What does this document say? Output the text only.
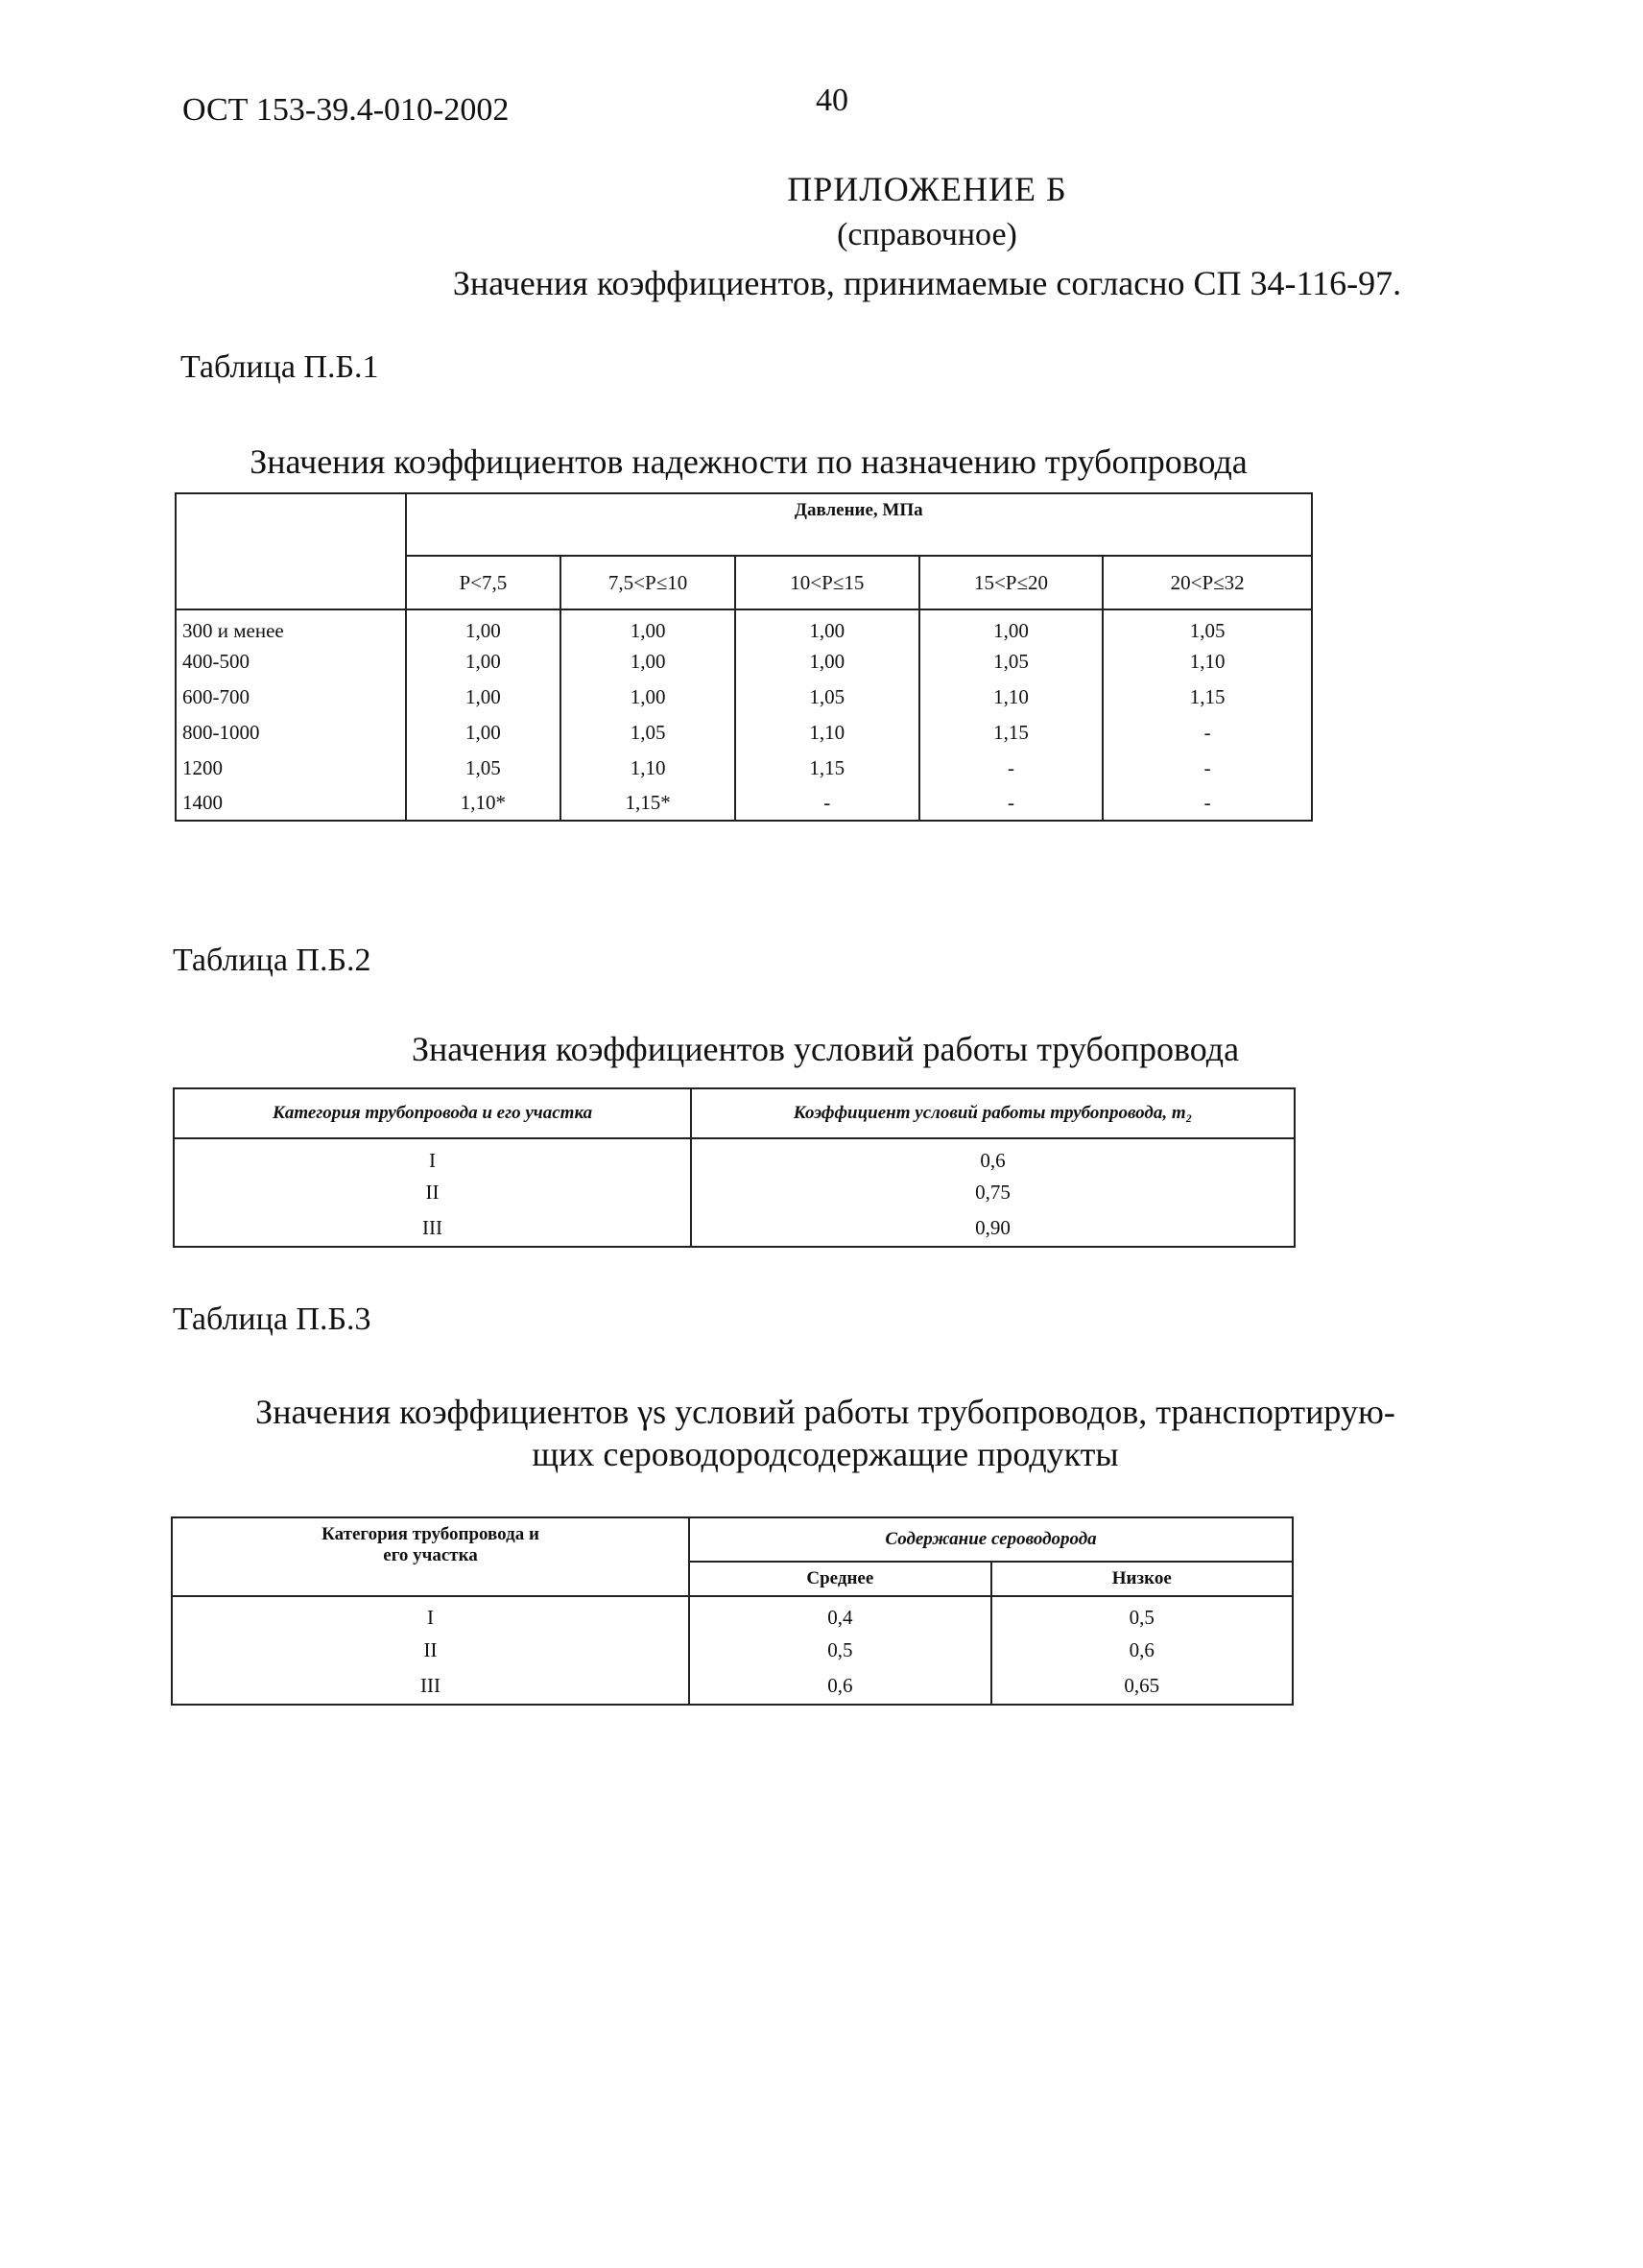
ОСТ 153-39.4-010-2002	40
ПРИЛОЖЕНИЕ Б
(справочное)
Значения коэффициентов, принимаемые согласно СП 34-116-97.
Таблица П.Б.1
Значения коэффициентов надежности по назначению трубопровода
	Давление, МПа				
	P<7,5	7,5<P≤10	10<P≤15	15<P≤20	20<P≤32
300 и менее	1,00	1,00	1,00	1,00	1,05
400-500	1,00	1,00	1,00	1,05	1,10
600-700	1,00	1,00	1,05	1,10	1,15
800-1000	1,00	1,05	1,10	1,15	-
1200	1,05	1,10	1,15	-	-
1400	1,10*	1,15*	-	-	-
Таблица П.Б.2
Значения коэффициентов условий работы трубопровода
Категория трубопровода и его участка	Коэффициент условий работы трубопровода, m₂
I	0,6
II	0,75
III	0,90
Таблица П.Б.3
Значения коэффициентов γs условий работы трубопроводов, транспортирую-
щих сероводородсодержащие продукты
Категория трубопровода и
его участка	Содержание сероводорода	
	Среднее	Низкое
I	0,4	0,5
II	0,5	0,6
III	0,6	0,65
